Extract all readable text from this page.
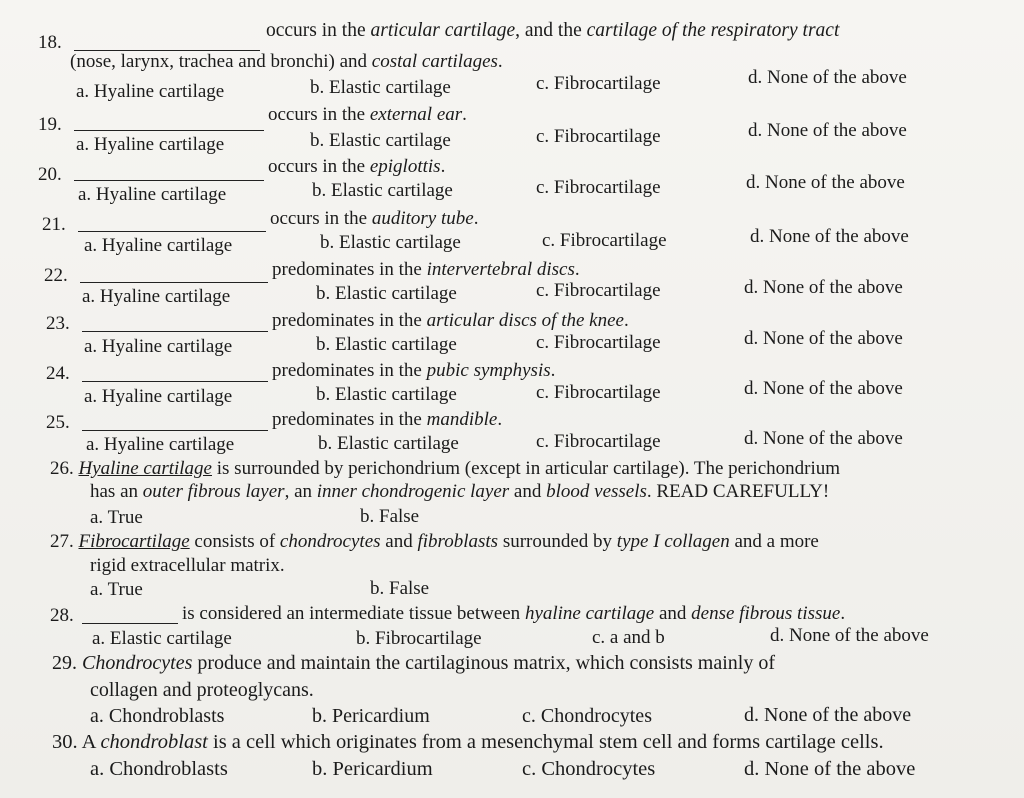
18.
occurs in the articular cartilage, and the cartilage of the respiratory tract
(nose, larynx, trachea and bronchi) and costal cartilages.
a. Hyaline cartilage	b. Elastic cartilage	c. Fibrocartilage	d. None of the above
19.	occurs in the external ear.
a. Hyaline cartilage	b. Elastic cartilage	c. Fibrocartilage	d. None of the above
20.	occurs in the epiglottis.
a. Hyaline cartilage	b. Elastic cartilage	c. Fibrocartilage	d. None of the above
21.	occurs in the auditory tube.
a. Hyaline cartilage	b. Elastic cartilage	c. Fibrocartilage	d. None of the above
22.	predominates in the intervertebral discs.
a. Hyaline cartilage	b. Elastic cartilage	c. Fibrocartilage	d. None of the above
23.	predominates in the articular discs of the knee.
a. Hyaline cartilage	b. Elastic cartilage	c. Fibrocartilage	d. None of the above
24.	predominates in the pubic symphysis.
a. Hyaline cartilage	b. Elastic cartilage	c. Fibrocartilage	d. None of the above
25.	predominates in the mandible.
a. Hyaline cartilage	b. Elastic cartilage	c. Fibrocartilage	d. None of the above
26. Hyaline cartilage is surrounded by perichondrium (except in articular cartilage). The perichondrium
has an outer fibrous layer, an inner chondrogenic layer and blood vessels. READ CAREFULLY!
a. True	b. False
27. Fibrocartilage consists of chondrocytes and fibroblasts surrounded by type I collagen and a more
rigid extracellular matrix.
a. True	b. False
28.	is considered an intermediate tissue between hyaline cartilage and dense fibrous tissue.
a. Elastic cartilage	b. Fibrocartilage	c. a and b	d. None of the above
29. Chondrocytes produce and maintain the cartilaginous matrix, which consists mainly of
collagen and proteoglycans.
a. Chondroblasts	b. Pericardium	c. Chondrocytes	d. None of the above
30. A chondroblast is a cell which originates from a mesenchymal stem cell and forms cartilage cells.
a. Chondroblasts	b. Pericardium	c. Chondrocytes	d. None of the above
